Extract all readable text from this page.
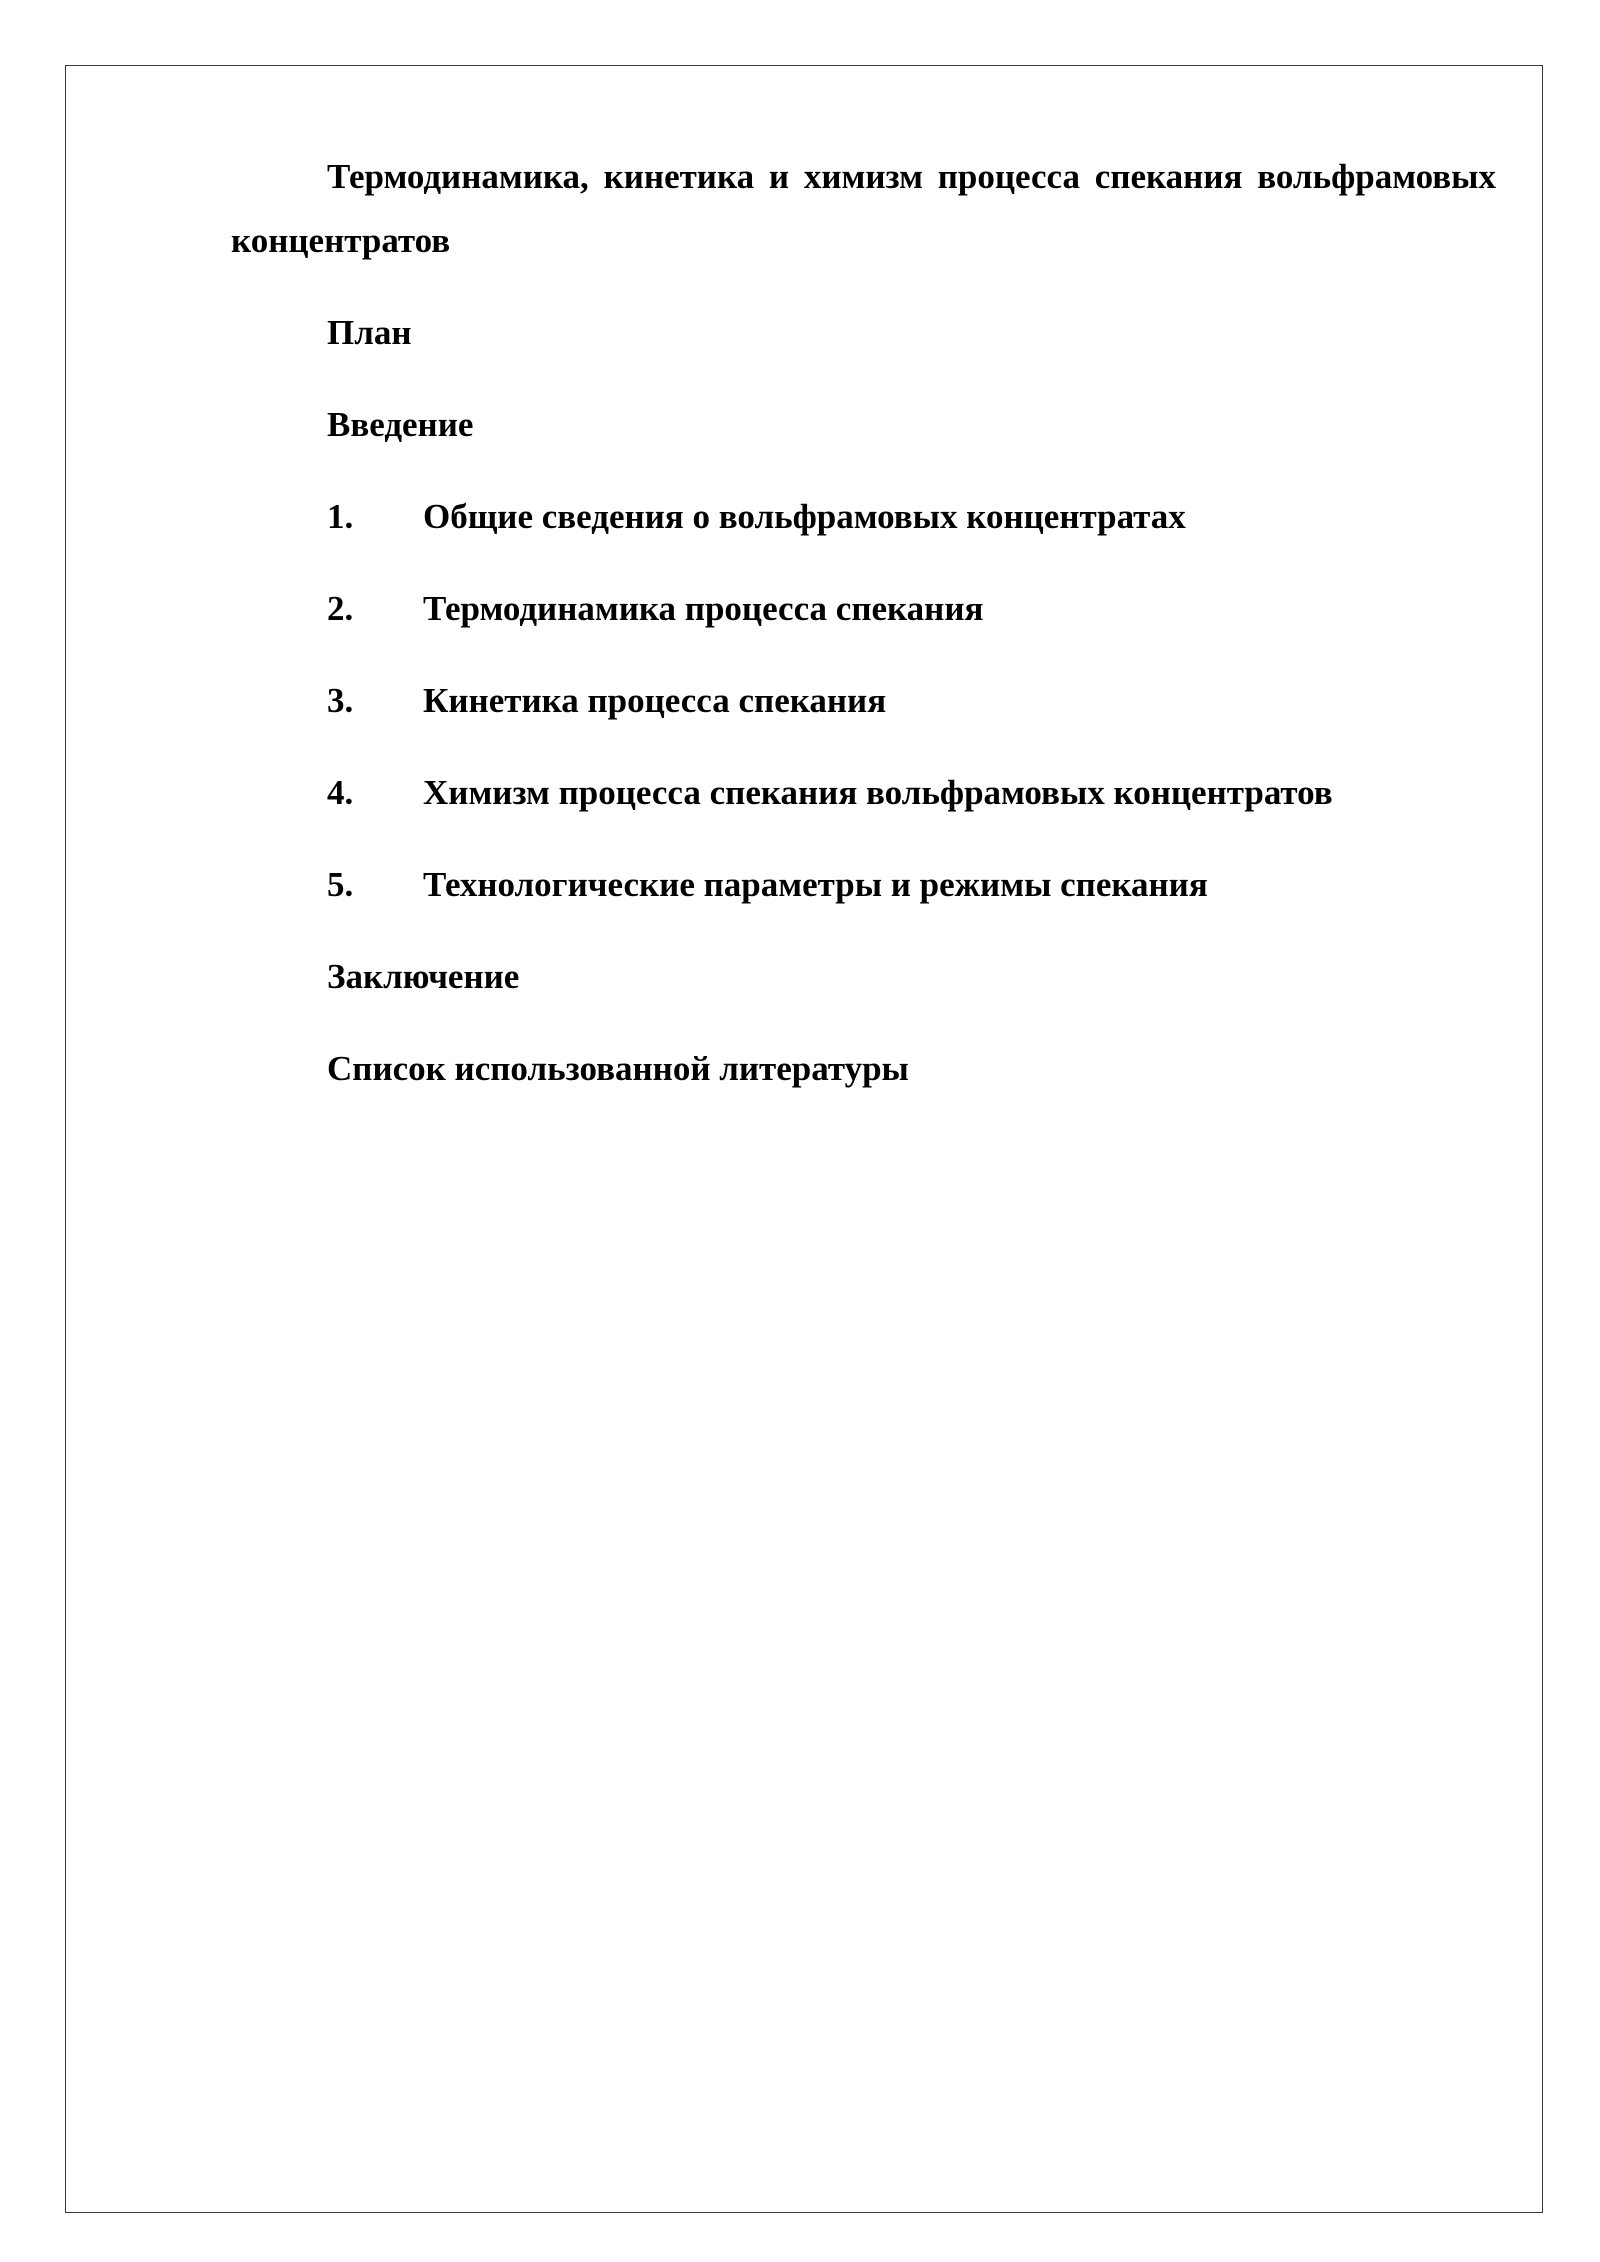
Термодинамика, кинетика и химизм процесса спекания вольфрамовых концентратов

План

Введение

1. Общие сведения о вольфрамовых концентратах

2. Термодинамика процесса спекания

3. Кинетика процесса спекания

4. Химизм процесса спекания вольфрамовых концентратов

5. Технологические параметры и режимы спекания

Заключение

Список использованной литературы
